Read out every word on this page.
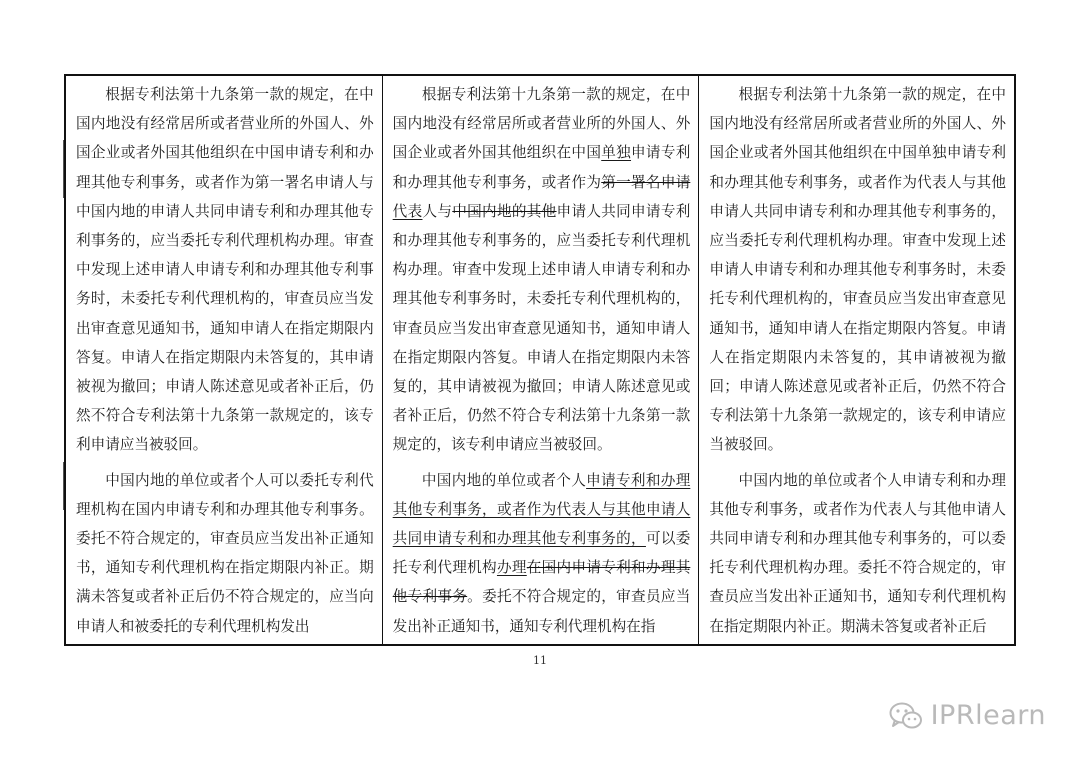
根据专利法第十九条第一款的规定，在中国内地没有经常居所或者营业所的外国人、外国企业或者外国其他组织在中国申请专利和办理其他专利事务，或者作为第一署名申请人与中国内地的申请人共同申请专利和办理其他专利事务的，应当委托专利代理机构办理。审查中发现上述申请人申请专利和办理其他专利事务时，未委托专利代理机构的，审查员应当发出审查意见通知书，通知申请人在指定期限内答复。申请人在指定期限内未答复的，其申请被视为撤回；申请人陈述意见或者补正后，仍然不符合专利法第十九条第一款规定的，该专利申请应当被驳回。

中国内地的单位或者个人可以委托专利代理机构在国内申请专利和办理其他专利事务。委托不符合规定的，审查员应当发出补正通知书，通知专利代理机构在指定期限内补正。期满未答复或者补正后仍不符合规定的，应当向申请人和被委托的专利代理机构发出

根据专利法第十九条第一款的规定，在中国内地没有经常居所或者营业所的外国人、外国企业或者外国其他组织在中国单独申请专利和办理其他专利事务，或者作为第一署名申请代表人与中国内地的其他申请人共同申请专利和办理其他专利事务的，应当委托专利代理机构办理。审查中发现上述申请人申请专利和办理其他专利事务时，未委托专利代理机构的，审查员应当发出审查意见通知书，通知申请人在指定期限内答复。申请人在指定期限内未答复的，其申请被视为撤回；申请人陈述意见或者补正后，仍然不符合专利法第十九条第一款规定的，该专利申请应当被驳回。

中国内地的单位或者个人申请专利和办理其他专利事务，或者作为代表人与其他申请人共同申请专利和办理其他专利事务的，可以委托专利代理机构办理在国内申请专利和办理其他专利事务。委托不符合规定的，审查员应当发出补正通知书，通知专利代理机构在指

根据专利法第十九条第一款的规定，在中国内地没有经常居所或者营业所的外国人、外国企业或者外国其他组织在中国单独申请专利和办理其他专利事务，或者作为代表人与其他申请人共同申请专利和办理其他专利事务的，应当委托专利代理机构办理。审查中发现上述申请人申请专利和办理其他专利事务时，未委托专利代理机构的，审查员应当发出审查意见通知书，通知申请人在指定期限内答复。申请人在指定期限内未答复的，其申请被视为撤回；申请人陈述意见或者补正后，仍然不符合专利法第十九条第一款规定的，该专利申请应当被驳回。

中国内地的单位或者个人申请专利和办理其他专利事务，或者作为代表人与其他申请人共同申请专利和办理其他专利事务的，可以委托专利代理机构办理。委托不符合规定的，审查员应当发出补正通知书，通知专利代理机构在指定期限内补正。期满未答复或者补正后

11
IPRlearn
